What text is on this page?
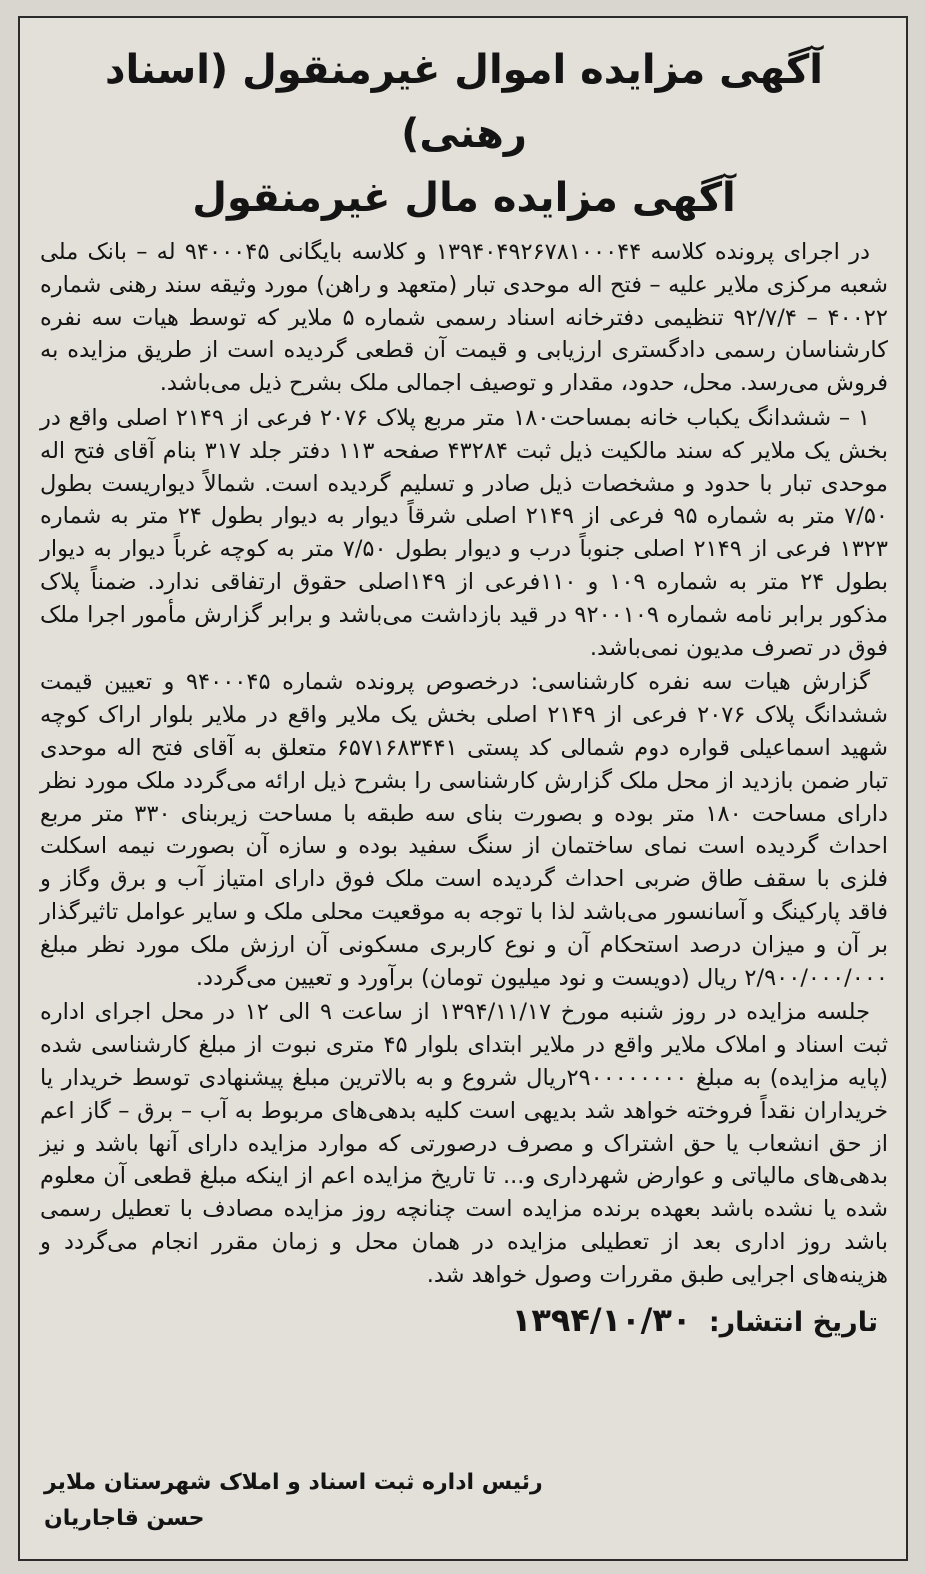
آگهی مزایده اموال غیرمنقول (اسناد رهنی)
آگهی مزایده مال غیرمنقول

در اجرای پرونده کلاسه ۱۳۹۴۰۴۹۲۶۷۸۱۰۰۰۴۴ و کلاسه بایگانی ۹۴۰۰۰۴۵ له – بانک ملی شعبه مرکزی ملایر علیه – فتح اله موحدی تبار (متعهد و راهن) مورد وثیقه سند رهنی شماره ۴۰۰۲۲ – ۹۲/۷/۴ تنظیمی دفترخانه اسناد رسمی شماره ۵ ملایر که توسط هیات سه نفره کارشناسان رسمی دادگستری ارزیابی و قیمت آن قطعی گردیده است از طریق مزایده به فروش می‌رسد. محل، حدود، مقدار و توصیف اجمالی ملک بشرح ذیل می‌باشد.

۱ – ششدانگ یکباب خانه بمساحت۱۸۰ متر مربع پلاک ۲۰۷۶ فرعی از ۲۱۴۹ اصلی واقع در بخش یک ملایر که سند مالکیت ذیل ثبت ۴۳۲۸۴ صفحه ۱۱۳ دفتر جلد ۳۱۷ بنام آقای فتح اله موحدی تبار با حدود و مشخصات ذیل صادر و تسلیم گردیده است. شمالاً دیواریست بطول ۷/۵۰ متر به شماره ۹۵ فرعی از ۲۱۴۹ اصلی شرقاً دیوار به دیوار بطول ۲۴ متر به شماره ۱۳۲۳ فرعی از ۲۱۴۹ اصلی جنوباً درب و دیوار بطول ۷/۵۰ متر به کوچه غرباً دیوار به دیوار بطول ۲۴ متر به شماره ۱۰۹ و ۱۱۰فرعی از ۱۴۹اصلی حقوق ارتفاقی ندارد. ضمناً پلاک مذکور برابر نامه شماره ۹۲۰۰۱۰۹ در قید بازداشت می‌باشد و برابر گزارش مأمور اجرا ملک فوق در تصرف مدیون نمی‌باشد.

گزارش هیات سه نفره کارشناسی: درخصوص پرونده شماره ۹۴۰۰۰۴۵ و تعیین قیمت ششدانگ پلاک ۲۰۷۶ فرعی از ۲۱۴۹ اصلی بخش یک ملایر واقع در ملایر بلوار اراک کوچه شهید اسماعیلی قواره دوم شمالی کد پستی ۶۵۷۱۶۸۳۴۴۱ متعلق به آقای فتح اله موحدی تبار ضمن بازدید از محل ملک گزارش کارشناسی را بشرح ذیل ارائه می‌گردد ملک مورد نظر دارای مساحت ۱۸۰ متر بوده و بصورت بنای سه طبقه با مساحت زیربنای ۳۳۰ متر مربع احداث گردیده است نمای ساختمان از سنگ سفید بوده و سازه آن بصورت نیمه اسکلت فلزی با سقف طاق ضربی احداث گردیده است ملک فوق دارای امتیاز آب و برق وگاز و فاقد پارکینگ و آسانسور می‌باشد لذا با توجه به موقعیت محلی ملک و سایر عوامل تاثیرگذار بر آن و میزان درصد استحکام آن و نوع کاربری مسکونی آن ارزش ملک مورد نظر مبلغ ۲/۹۰۰/۰۰۰/۰۰۰ ریال (دویست و نود میلیون تومان) برآورد و تعیین می‌گردد.

جلسه مزایده در روز شنبه مورخ ۱۳۹۴/۱۱/۱۷ از ساعت ۹ الی ۱۲ در محل اجرای اداره ثبت اسناد و املاک ملایر واقع در ملایر ابتدای بلوار ۴۵ متری نبوت از مبلغ کارشناسی شده (پایه مزایده) به مبلغ ۲۹۰۰۰۰۰۰۰۰ریال شروع و به بالاترین مبلغ پیشنهادی توسط خریدار یا خریداران نقداً فروخته خواهد شد بدیهی است کلیه بدهی‌های مربوط به آب – برق – گاز اعم از حق انشعاب یا حق اشتراک و مصرف درصورتی که موارد مزایده دارای آنها باشد و نیز بدهی‌های مالیاتی و عوارض شهرداری و... تا تاریخ مزایده اعم از اینکه مبلغ قطعی آن معلوم شده یا نشده باشد بعهده برنده مزایده است چنانچه روز مزایده مصادف با تعطیل رسمی باشد روز اداری بعد از تعطیلی مزایده در همان محل و زمان مقرر انجام می‌گردد و هزینه‌های اجرایی طبق مقررات وصول خواهد شد.

تاریخ انتشار: ۱۳۹۴/۱۰/۳۰
رئیس اداره ثبت اسناد و املاک شهرستان ملایر
حسن قاجاریان
